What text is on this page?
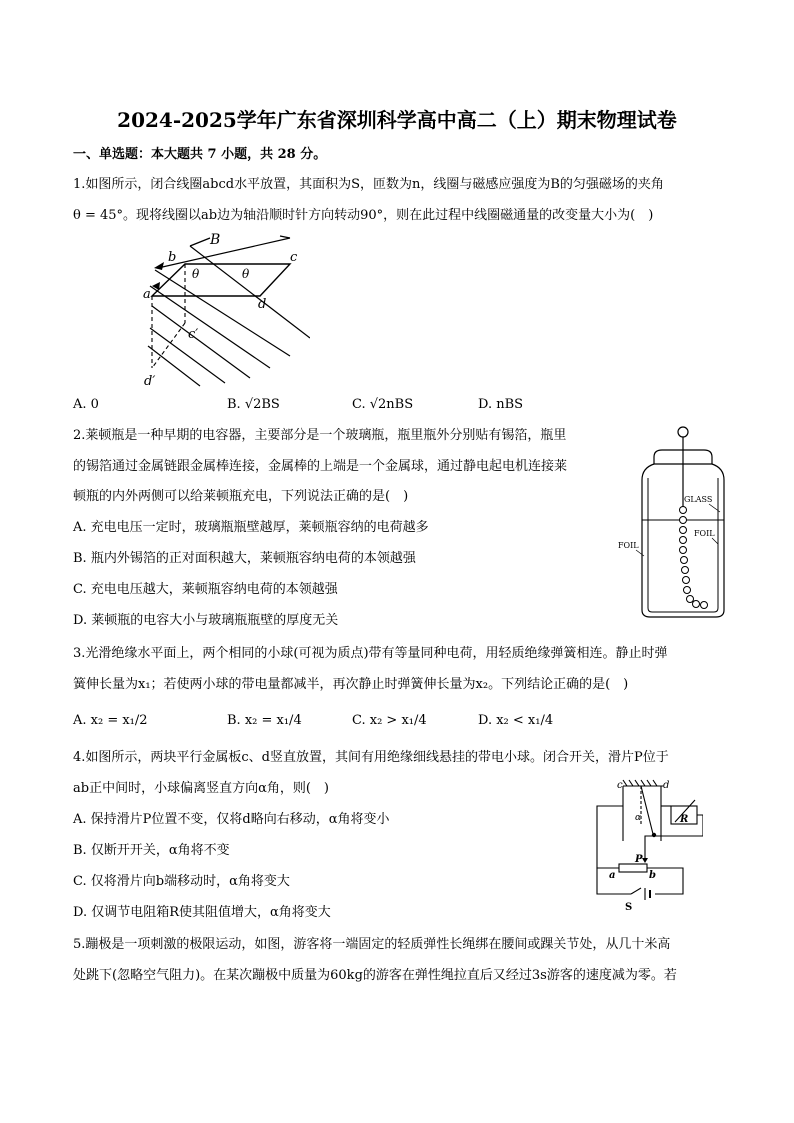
2024-2025学年广东省深圳科学高中高二（上）期末物理试卷
一、单选题：本大题共 7 小题，共 28 分。
1.如图所示，闭合线圈abcd水平放置，其面积为S，匝数为n，线圈与磁感应强度为B的匀强磁场的夹角
θ = 45°。现将线圈以ab边为轴沿顺时针方向转动90°，则在此过程中线圈磁通量的改变量大小为(　)
B
b	c
a
d
c′
d′
θ	θ
A. 0	B. √2BS	C. √2nBS	D. nBS
2.莱顿瓶是一种早期的电容器，主要部分是一个玻璃瓶，瓶里瓶外分别贴有锡箔，瓶里
的锡箔通过金属链跟金属棒连接，金属棒的上端是一个金属球，通过静电起电机连接莱
顿瓶的内外两侧可以给莱顿瓶充电，下列说法正确的是(　)
A. 充电电压一定时，玻璃瓶瓶壁越厚，莱顿瓶容纳的电荷越多
B. 瓶内外锡箔的正对面积越大，莱顿瓶容纳电荷的本领越强
C. 充电电压越大，莱顿瓶容纳电荷的本领越强
D. 莱顿瓶的电容大小与玻璃瓶瓶壁的厚度无关
GLASS
FOIL
FOIL
3.光滑绝缘水平面上，两个相同的小球(可视为质点)带有等量同种电荷，用轻质绝缘弹簧相连。静止时弹
簧伸长量为x₁；若使两小球的带电量都减半，再次静止时弹簧伸长量为x₂。下列结论正确的是(　)
A. x₂ = x₁/2	B. x₂ = x₁/4	C. x₂ > x₁/4	D. x₂ < x₁/4
4.如图所示，两块平行金属板c、d竖直放置，其间有用绝缘细线悬挂的带电小球。闭合开关，滑片P位于
ab正中间时，小球偏离竖直方向α角，则(　)
A. 保持滑片P位置不变，仅将d略向右移动，α角将变小
B. 仅断开开关，α角将不变
C. 仅将滑片向b端移动时，α角将变大
D. 仅调节电阻箱R使其阻值增大，α角将变大
c	d
α	R
P
a	b
S
5.蹦极是一项刺激的极限运动，如图，游客将一端固定的轻质弹性长绳绑在腰间或踝关节处，从几十米高
处跳下(忽略空气阻力)。在某次蹦极中质量为60kg的游客在弹性绳拉直后又经过3s游客的速度减为零。若
